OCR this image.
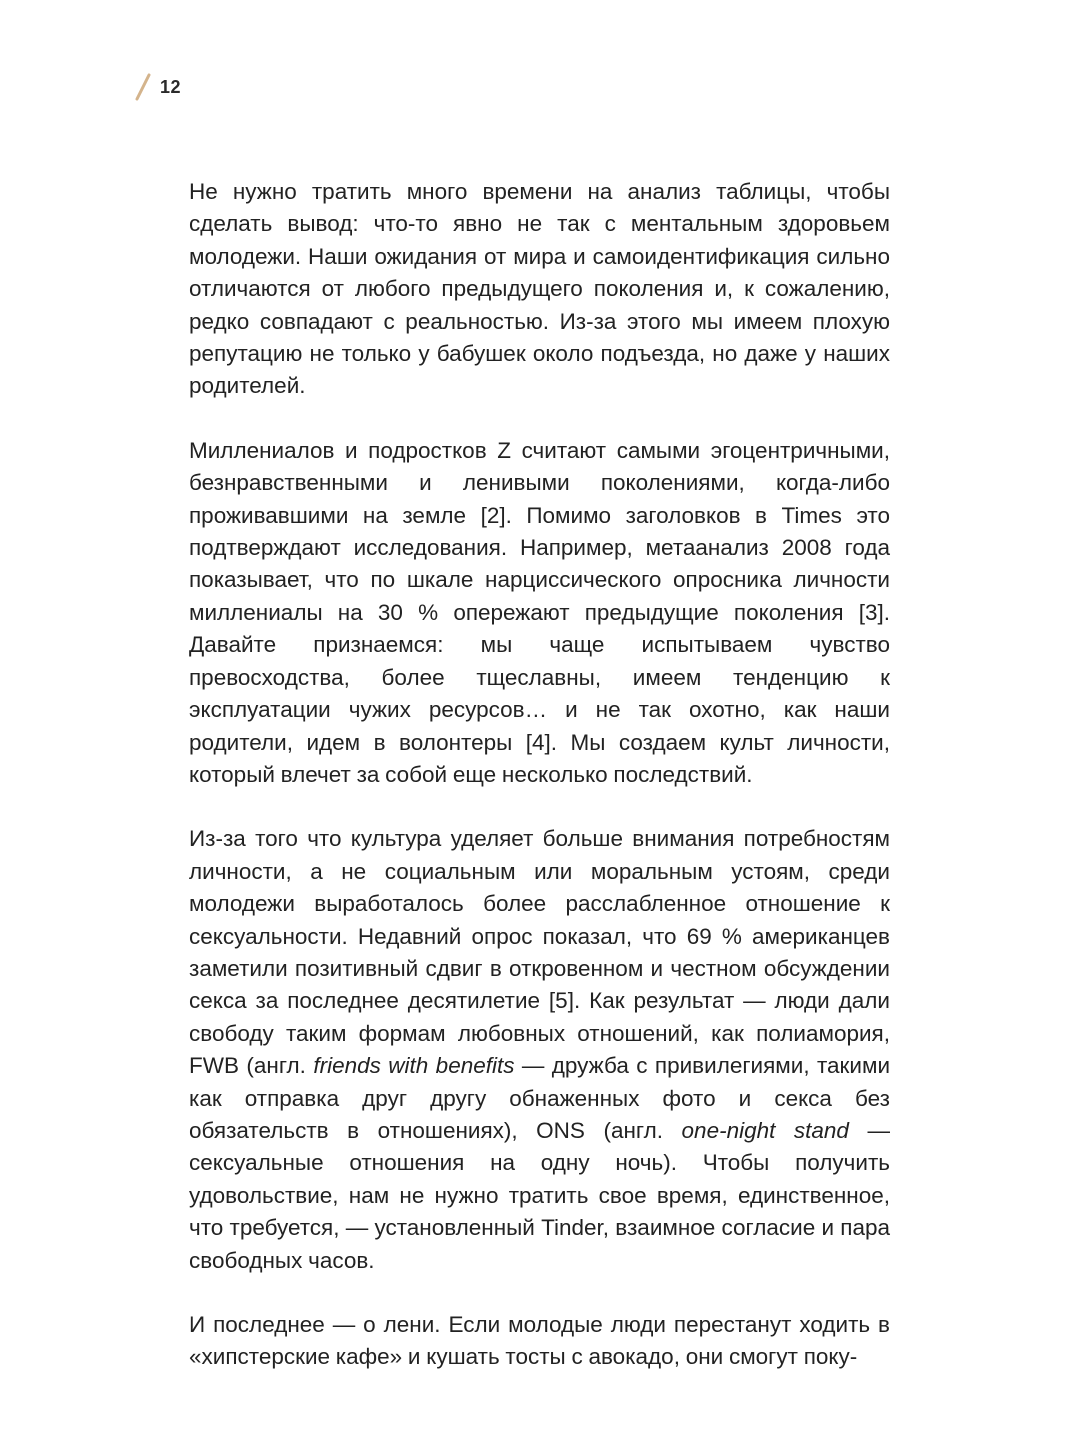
12

Не нужно тратить много времени на анализ таблицы, чтобы сделать вывод: что-то явно не так с ментальным здоровьем молодежи. Наши ожидания от мира и самоидентификация сильно отличаются от любого предыдущего поколения и, к сожалению, редко совпадают с реальностью. Из-за этого мы имеем плохую репутацию не только у бабушек около подъезда, но даже у наших родителей.

Миллениалов и подростков Z считают самыми эгоцентричными, безнравственными и ленивыми поколениями, когда-либо проживавшими на земле [2]. Помимо заголовков в Times это подтверждают исследования. Например, метаанализ 2008 года показывает, что по шкале нарциссического опросника личности миллениалы на 30 % опережают предыдущие поколения [3]. Давайте признаемся: мы чаще испытываем чувство превосходства, более тщеславны, имеем тенденцию к эксплуатации чужих ресурсов… и не так охотно, как наши родители, идем в волонтеры [4]. Мы создаем культ личности, который влечет за собой еще несколько последствий.

Из-за того что культура уделяет больше внимания потребностям личности, а не социальным или моральным устоям, среди молодежи выработалось более расслабленное отношение к сексуальности. Недавний опрос показал, что 69 % американцев заметили позитивный сдвиг в откровенном и честном обсуждении секса за последнее десятилетие [5]. Как результат — люди дали свободу таким формам любовных отношений, как полиамория, FWB (англ. friends with benefits — дружба с привилегиями, такими как отправка друг другу обнаженных фото и секса без обязательств в отношениях), ONS (англ. one-night stand — сексуальные отношения на одну ночь). Чтобы получить удовольствие, нам не нужно тратить свое время, единственное, что требуется, — установленный Tinder, взаимное согласие и пара свободных часов.

И последнее — о лени. Если молодые люди перестанут ходить в «хипстерские кафе» и кушать тосты с авокадо, они смогут поку-
